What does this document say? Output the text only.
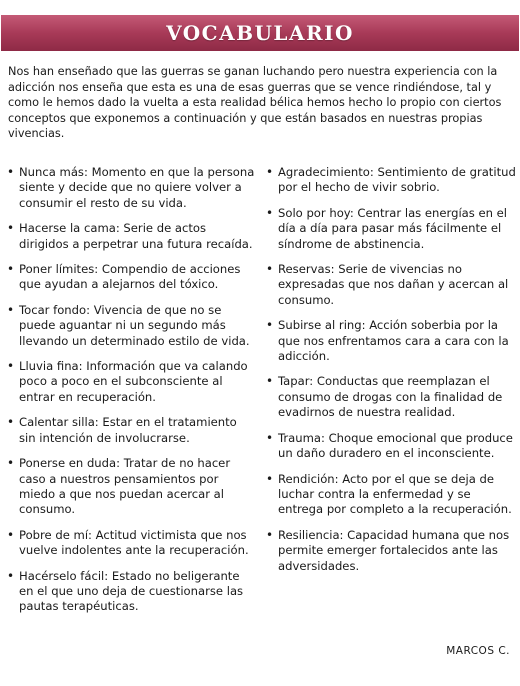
VOCABULARIO

Nos han enseñado que las guerras se ganan luchando pero nuestra experiencia con la adicción nos enseña que esta es una de esas guerras que se vence rindiéndose, tal y como le hemos dado la vuelta a esta realidad bélica hemos hecho lo propio con ciertos conceptos que exponemos a continuación y que están basados en nuestras propias vivencias.

• Nunca más: Momento en que la persona siente y decide que no quiere volver a consumir el resto de su vida.
• Hacerse la cama: Serie de actos dirigidos a perpetrar una futura recaída.
• Poner límites: Compendio de acciones que ayudan a alejarnos del tóxico.
• Tocar fondo: Vivencia de que no se puede aguantar ni un segundo más llevando un determinado estilo de vida.
• Lluvia fina: Información que va calando poco a poco en el subconsciente al entrar en recuperación.
• Calentar silla: Estar en el tratamiento sin intención de involucrarse.
• Ponerse en duda: Tratar de no hacer caso a nuestros pensamientos por miedo a que nos puedan acercar al consumo.
• Pobre de mí: Actitud victimista que nos vuelve indolentes ante la recuperación.
• Hacérselo fácil: Estado no beligerante en el que uno deja de cuestionarse las pautas terapéuticas.
• Agradecimiento: Sentimiento de gratitud por el hecho de vivir sobrio.
• Solo por hoy: Centrar las energías en el día a día para pasar más fácilmente el síndrome de abstinencia.
• Reservas: Serie de vivencias no expresadas que nos dañan y acercan al consumo.
• Subirse al ring: Acción soberbia por la que nos enfrentamos cara a cara con la adicción.
• Tapar: Conductas que reemplazan el consumo de drogas con la finalidad de evadirnos de nuestra realidad.
• Trauma: Choque emocional que produce un daño duradero en el inconsciente.
• Rendición: Acto por el que se deja de luchar contra la enfermedad y se entrega por completo a la recuperación.
• Resiliencia: Capacidad humana que nos permite emerger fortalecidos ante las adversidades.
MARCOS C.
